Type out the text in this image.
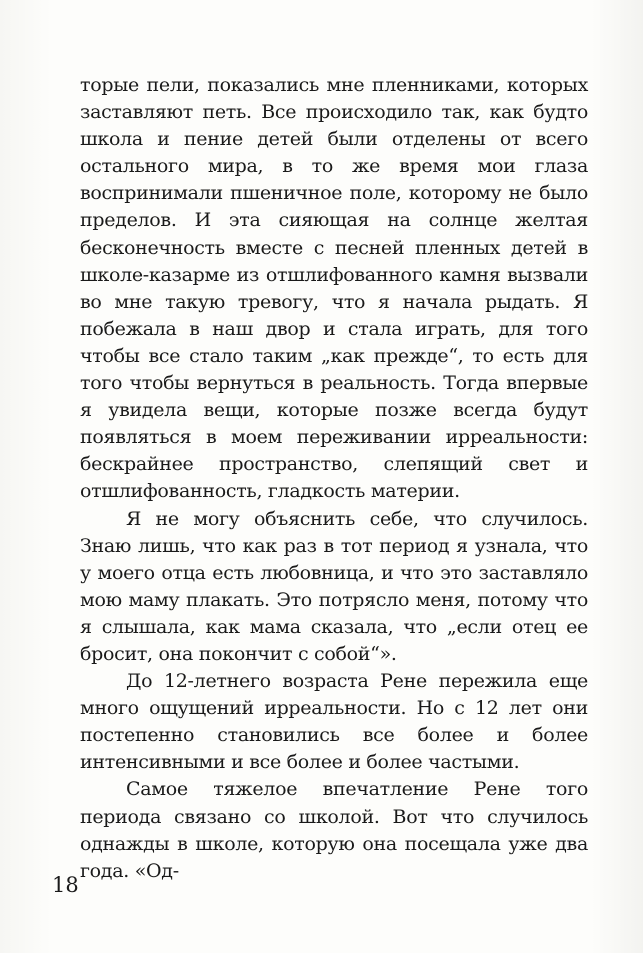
торые пели, показались мне пленниками, которых заставляют петь. Все происходило так, как будто школа и пение детей были отделены от всего остального мира, в то же время мои глаза воспринимали пшеничное поле, которому не было пределов. И эта сияющая на солнце желтая бесконечность вместе с песней пленных детей в школе-казарме из отшлифованного камня вызвали во мне такую тревогу, что я начала рыдать. Я побежала в наш двор и стала играть, для того чтобы все стало таким „как прежде“, то есть для того чтобы вернуться в реальность. Тогда впервые я увидела вещи, которые позже всегда будут появляться в моем переживании ирреальности: бескрайнее пространство, слепящий свет и отшлифованность, гладкость материи.

Я не могу объяснить себе, что случилось. Знаю лишь, что как раз в тот период я узнала, что у моего отца есть любовница, и что это заставляло мою маму плакать. Это потрясло меня, потому что я слышала, как мама сказала, что „если отец ее бросит, она покончит с собой“».

До 12-летнего возраста Рене пережила еще много ощущений ирреальности. Но с 12 лет они постепенно становились все более и более интенсивными и все более и более частыми.

Самое тяжелое впечатление Рене того периода связано со школой. Вот что случилось однажды в школе, которую она посещала уже два года. «Од-

18
